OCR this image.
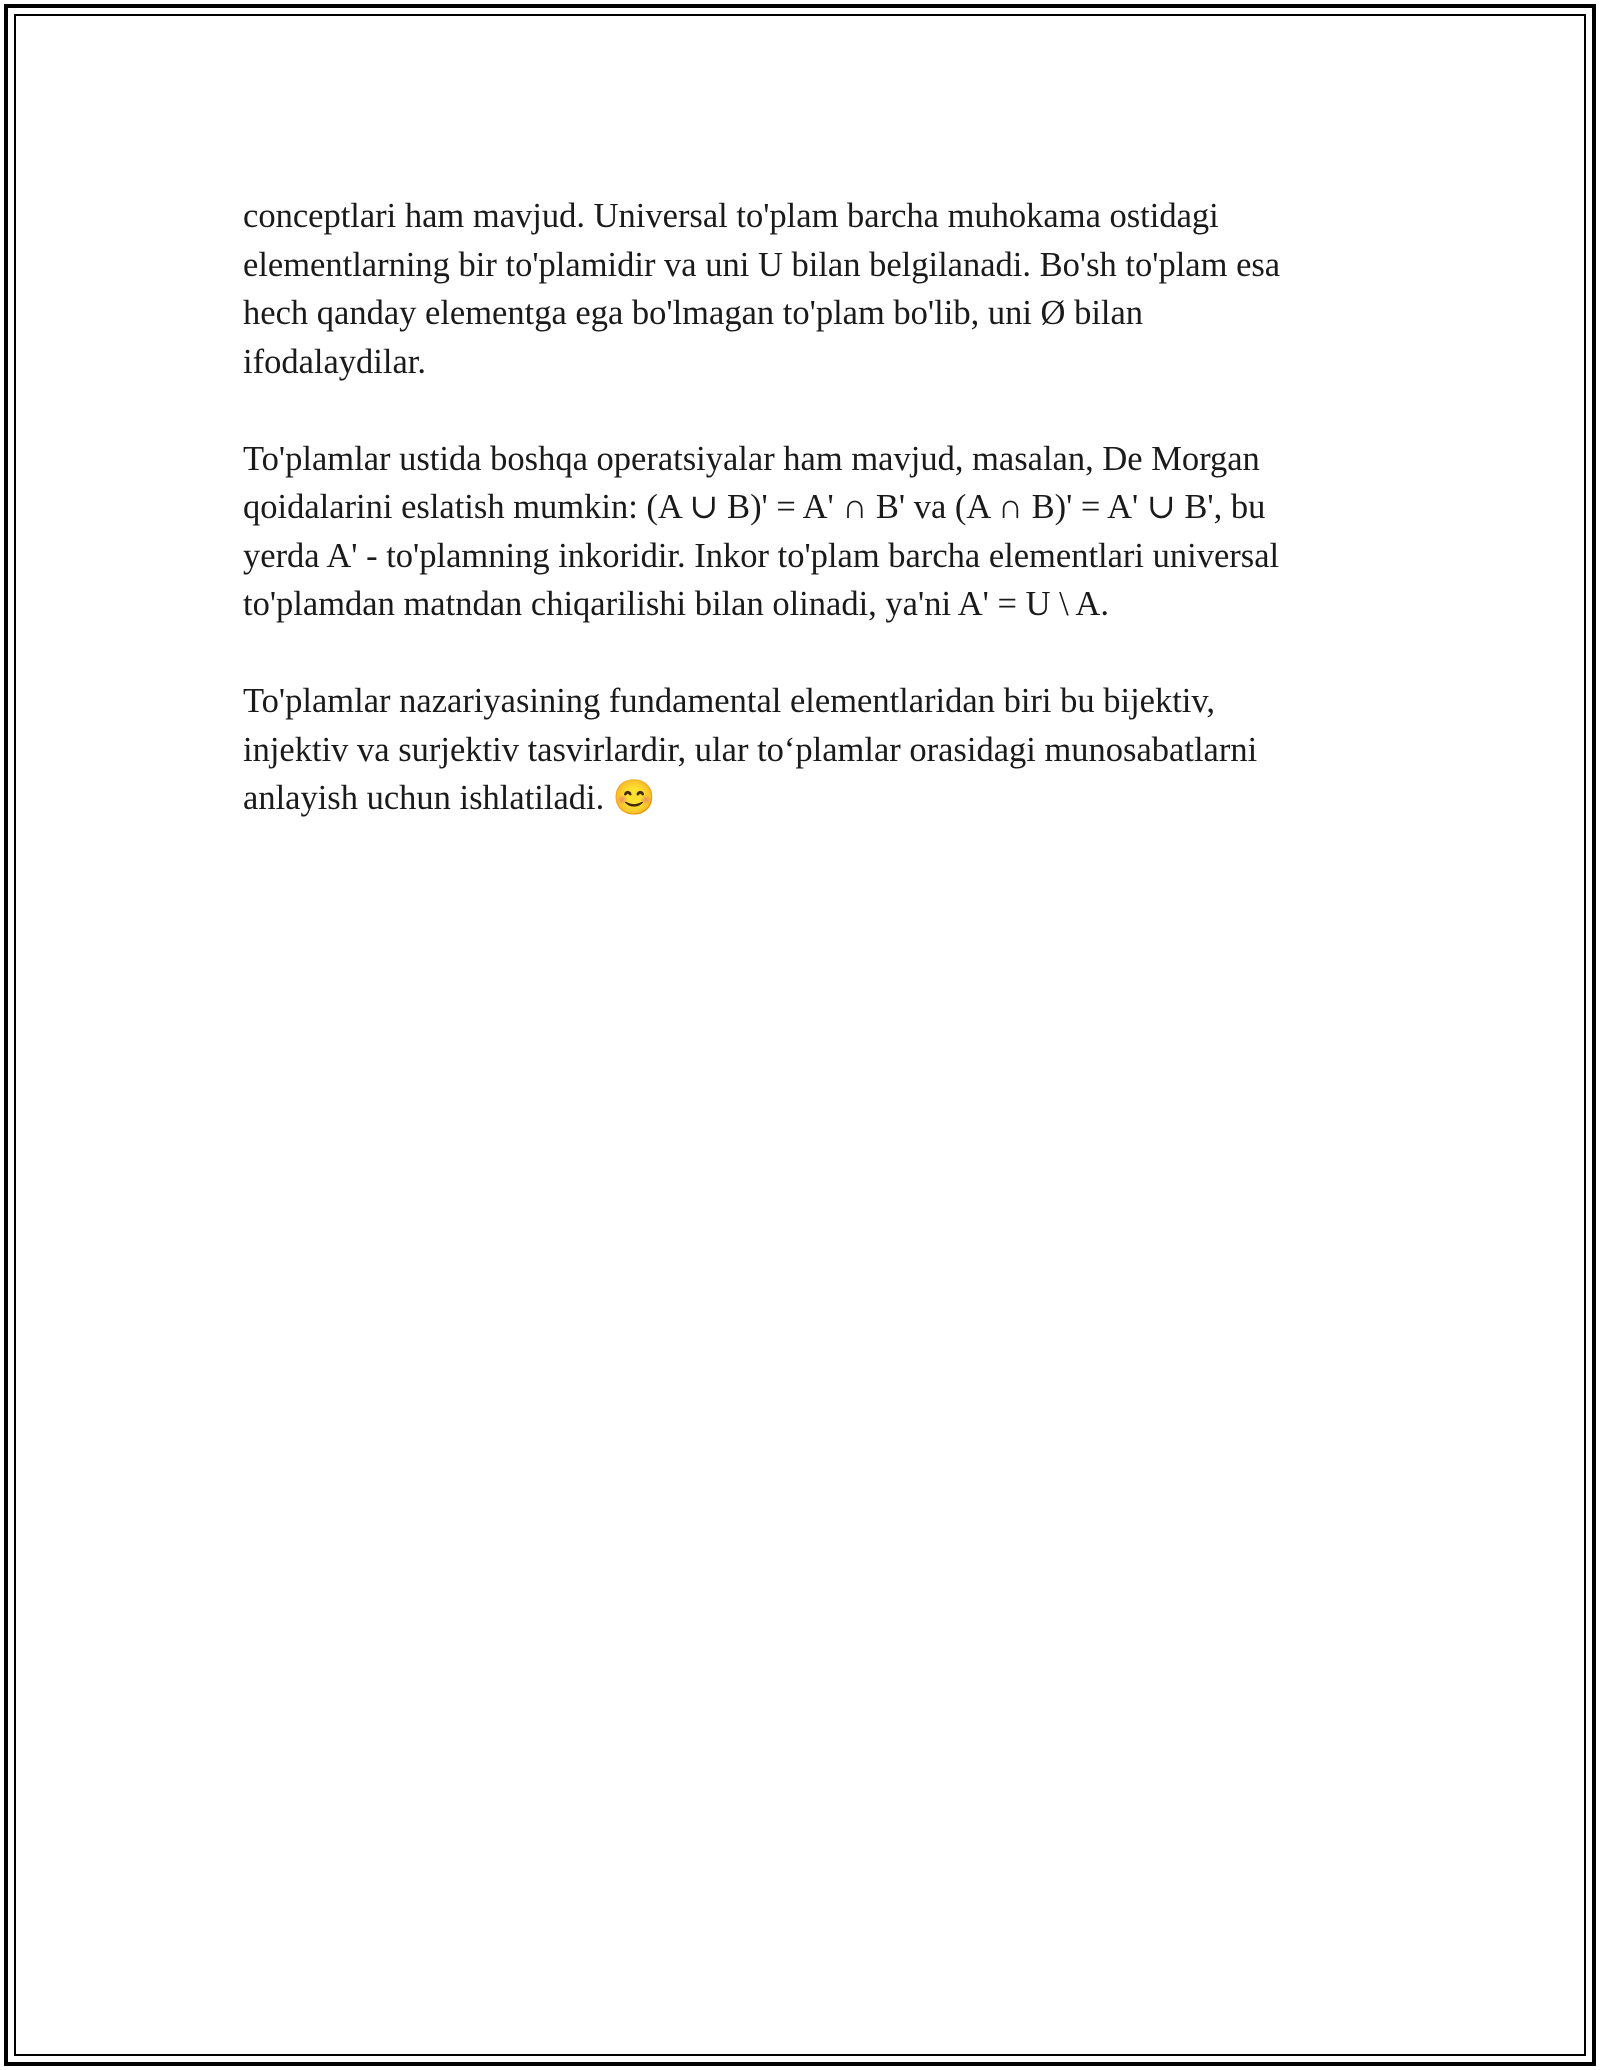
conceptlari ham mavjud. Universal to'plam barcha muhokama ostidagi
elementlarning bir to'plamidir va uni U bilan belgilanadi. Bo'sh to'plam esa
hech qanday elementga ega bo'lmagan to'plam bo'lib, uni Ø bilan
ifodalaydilar.

To'plamlar ustida boshqa operatsiyalar ham mavjud, masalan, De Morgan
qoidalarini eslatish mumkin: (A ∪ B)' = A' ∩ B' va (A ∩ B)' = A' ∪ B', bu
yerda A' - to'plamning inkoridir. Inkor to'plam barcha elementlari universal
to'plamdan matndan chiqarilishi bilan olinadi, ya'ni A' = U \ A.

To'plamlar nazariyasining fundamental elementlaridan biri bu bijektiv,
injektiv va surjektiv tasvirlardir, ular to‘plamlar orasidagi munosabatlarni
anlayish uchun ishlatiladi. 😊
